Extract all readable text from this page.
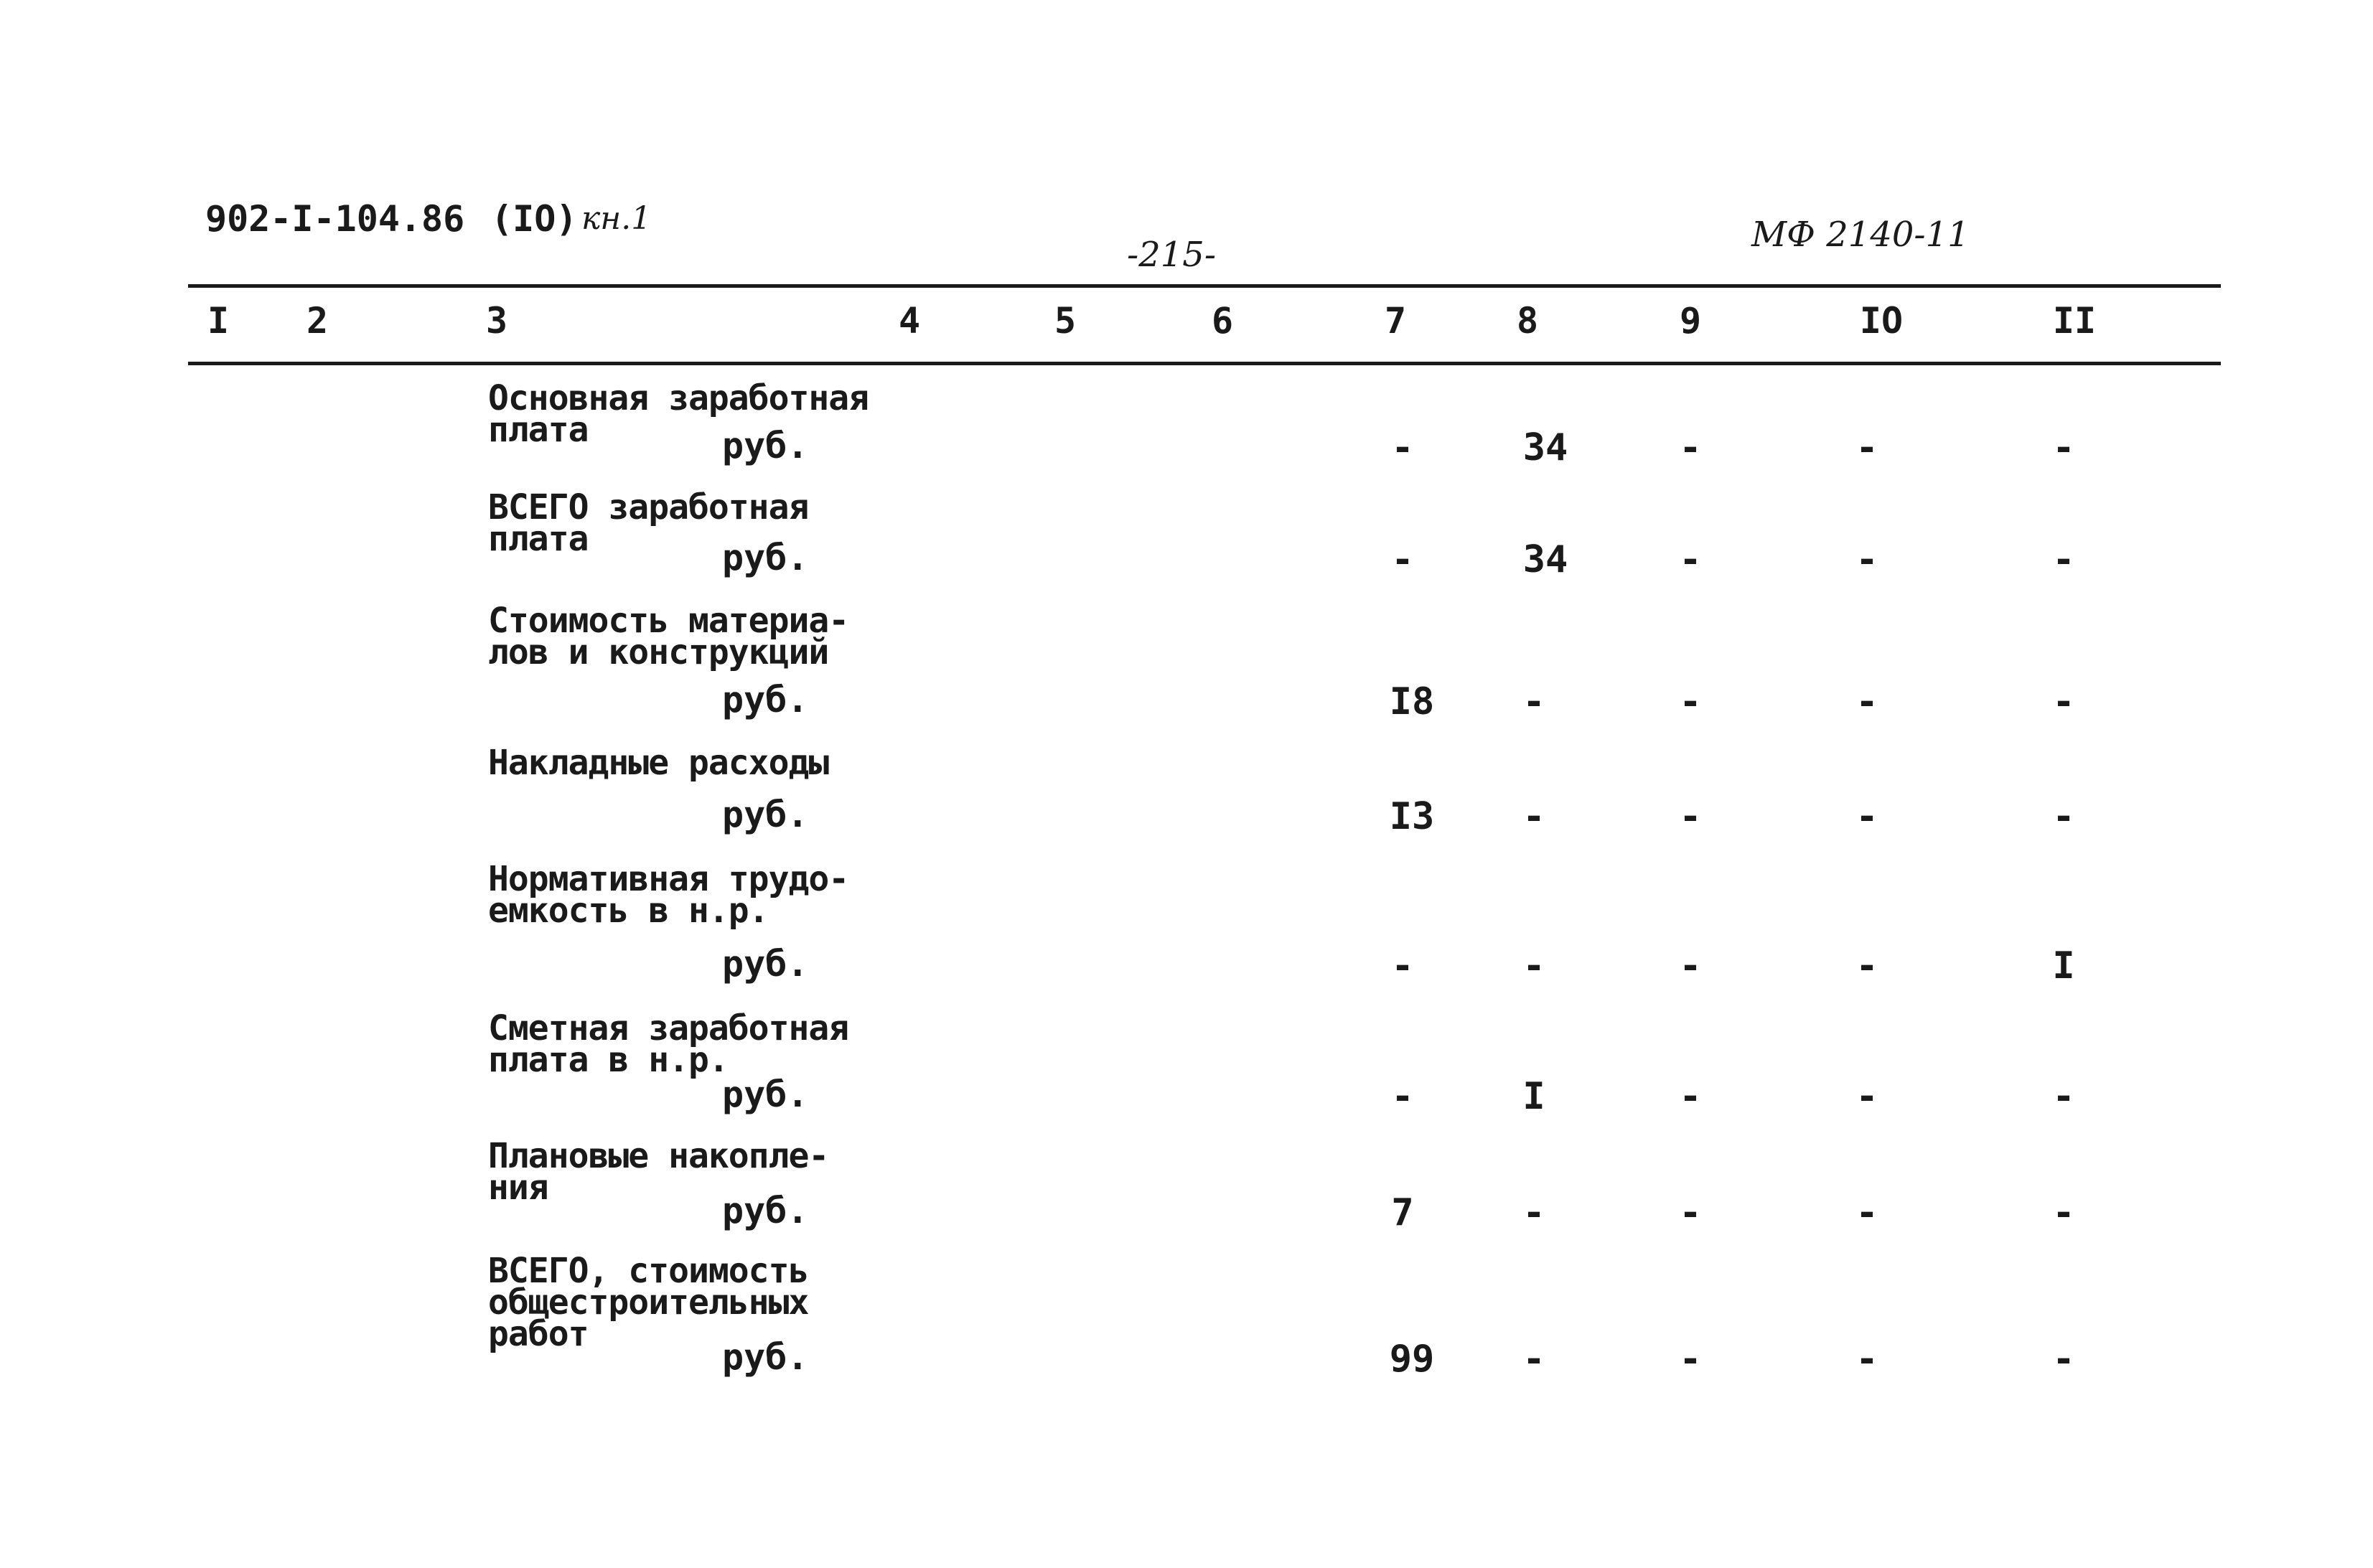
902-I-104.86 (IO) кн.1
-215-	МФ 2140-11
I	2	3	4	5	6	7	8	9	IO	II
Основная заработная
плата	руб.	-	34	-	-	-
ВСЕГО заработная
плата	руб.	-	34	-	-	-
Стоимость материа-
лов и конструкций
руб.	I8	-	-	-	-
Накладные расходы
руб.	I3	-	-	-	-
Нормативная трудо-
емкость в н.р.
руб.	-	-	-	-	I
Сметная заработная
плата в н.р.
руб.	-	I	-	-	-
Плановые накопле-
ния
руб.	7	-	-	-	-
ВСЕГО, стоимость
общестроительных
работ
руб.	99	-	-	-	-
